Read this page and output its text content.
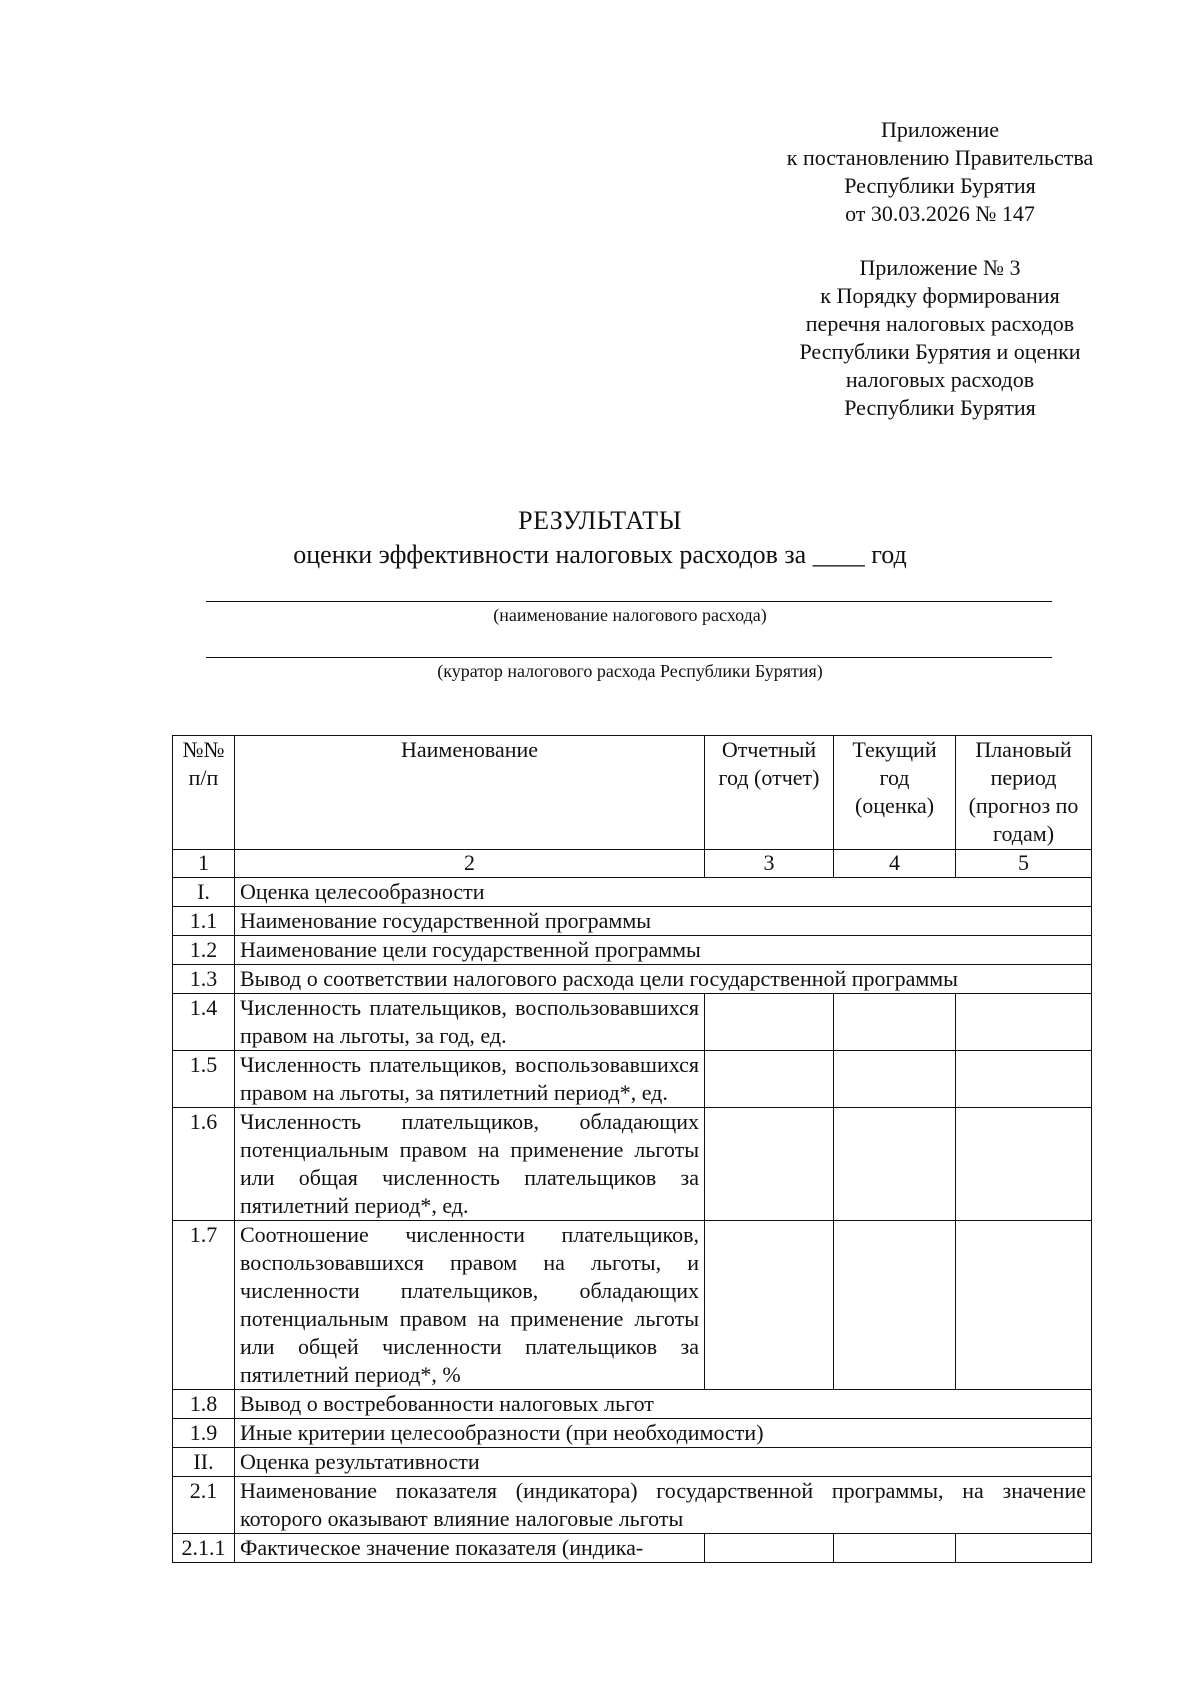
Приложение
к постановлению Правительства
Республики Бурятия
от 30.03.2026 № 147
Приложение № 3
к Порядку формирования
перечня налоговых расходов
Республики Бурятия и оценки
налоговых расходов
Республики Бурятия
РЕЗУЛЬТАТЫ
оценки эффективности налоговых расходов за ____ год
(наименование налогового расхода)
(куратор налогового расхода Республики Бурятия)
№№ п/п	Наименование	Отчетный год (отчет)	Текущий год (оценка)	Плановый период (прогноз по годам)
1	2	3	4	5
I.	Оценка целесообразности			
1.1	Наименование государственной программы			
1.2	Наименование цели государственной программы			
1.3	Вывод о соответствии налогового расхода цели государственной программы			
1.4	Численность плательщиков, воспользовавшихся правом на льготы, за год, ед.			
1.5	Численность плательщиков, воспользовавшихся правом на льготы, за пятилетний период*, ед.			
1.6	Численность плательщиков, обладающих потенциальным правом на применение льготы или общая численность плательщиков за пятилетний период*, ед.			
1.7	Соотношение численности плательщиков, воспользовавшихся правом на льготы, и численности плательщиков, обладающих потенциальным правом на применение льготы или общей численности плательщиков за пятилетний период*, %			
1.8	Вывод о востребованности налоговых льгот			
1.9	Иные критерии целесообразности (при необходимости)			
II.	Оценка результативности			
2.1	Наименование показателя (индикатора) государственной программы, на значение которого оказывают влияние налоговые льготы			
2.1.1	Фактическое значение показателя (индика-			
